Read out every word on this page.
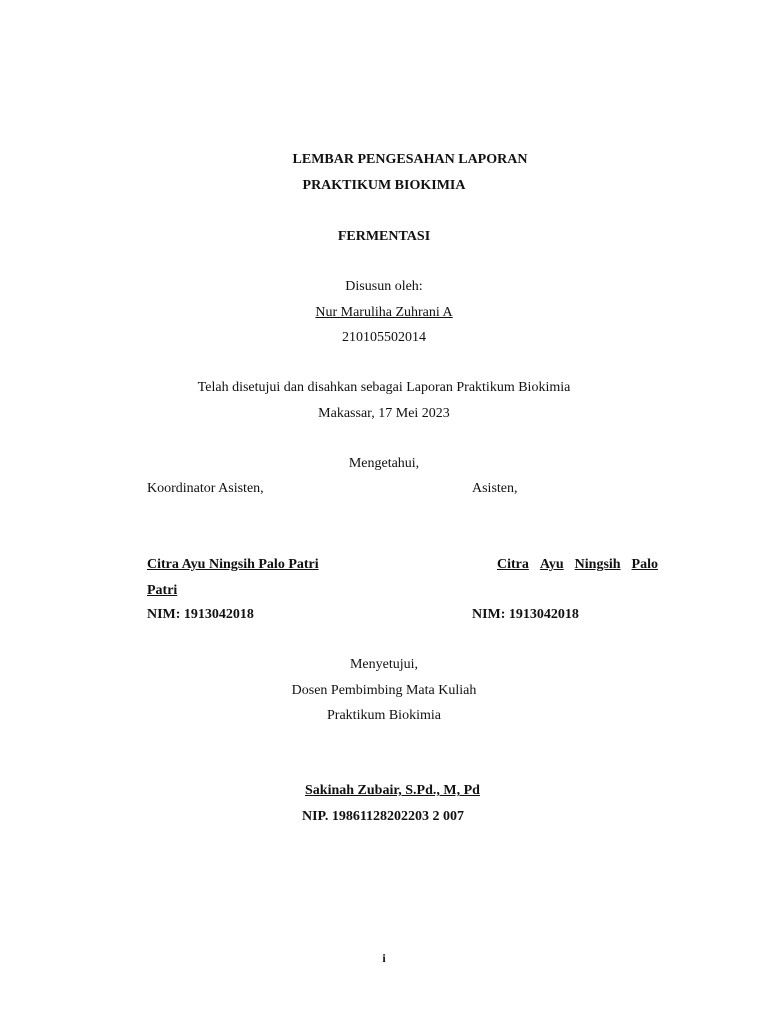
LEMBAR PENGESAHAN LAPORAN
PRAKTIKUM BIOKIMIA
FERMENTASI
Disusun oleh:
Nur Maruliha Zuhrani A
210105502014
Telah disetujui dan disahkan sebagai Laporan Praktikum Biokimia
Makassar, 17 Mei 2023
Mengetahui,
Koordinator Asisten,	Asisten,
Citra Ayu Ningsih Palo Patri	Citra Ayu Ningsih Palo
Patri
NIM: 1913042018	NIM: 1913042018
Menyetujui,
Dosen Pembimbing Mata Kuliah
Praktikum Biokimia
Sakinah Zubair, S.Pd., M, Pd
NIP. 19861128202203 2 007
i
